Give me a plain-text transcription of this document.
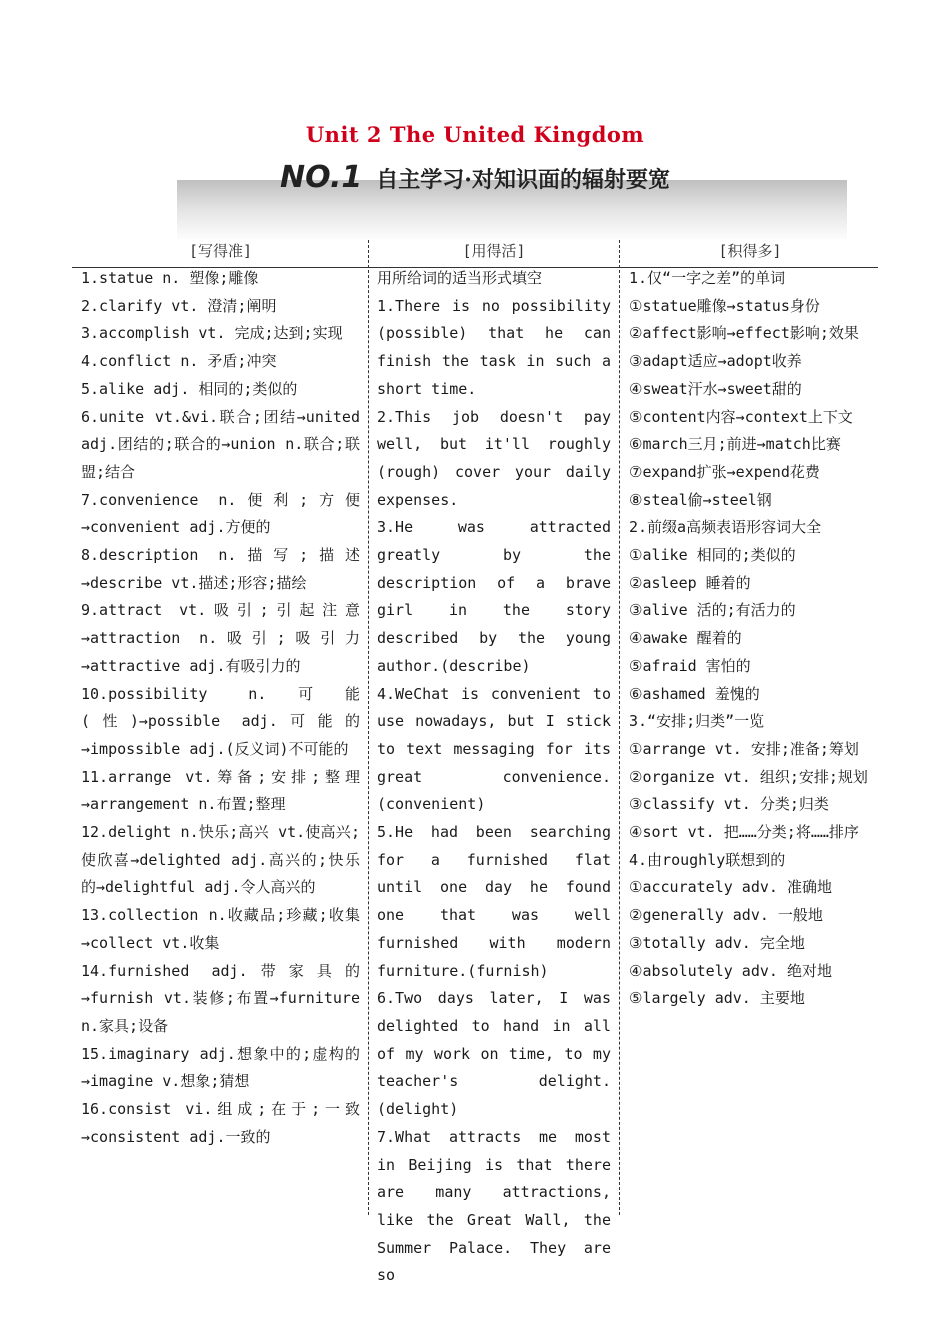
Unit 2 The United Kingdom
NO.1 自主学习·对知识面的辐射要宽
[写得准]	[用得活]	[积得多]
1.statue n. 塑像;雕像
2.clarify vt. 澄清;阐明
3.accomplish vt. 完成;达到;实现
4.conflict n. 矛盾;冲突
5.alike adj. 相同的;类似的
6.unite vt.&vi.联合;团结→united adj.团结的;联合的→union n.联合;联盟;结合
7.convenience n.便利;方便→convenient adj.方便的
8.description n.描写;描述→describe vt.描述;形容;描绘
9.attract vt.吸引;引起注意→attraction n.吸引;吸引力→attractive adj.有吸引力的
10.possibility n.可能(性)→possible adj.可能的→impossible adj.(反义词)不可能的
11.arrange vt.筹备;安排;整理→arrangement n.布置;整理
12.delight n.快乐;高兴 vt.使高兴;使欣喜→delighted adj.高兴的;快乐的→delightful adj.令人高兴的
13.collection n.收藏品;珍藏;收集→collect vt.收集
14.furnished adj.带家具的→furnish vt.装修;布置→furniture n.家具;设备
15.imaginary adj.想象中的;虚构的→imagine v.想象;猜想
16.consist vi.组成;在于;一致→consistent adj.一致的
用所给词的适当形式填空
1.There is no possibility (possible) that he can finish the task in such a short time.
2.This job doesn't pay well, but it'll roughly (rough) cover your daily expenses.
3.He was attracted greatly by the description of a brave girl in the story described by the young author.(describe)
4.WeChat is convenient to use nowadays, but I stick to text messaging for its great convenience.(convenient)
5.He had been searching for a furnished flat until one day he found one that was well furnished with modern furniture.(furnish)
6.Two days later, I was delighted to hand in all of my work on time, to my teacher's delight.(delight)
7.What attracts me most in Beijing is that there are many attractions, like the Great Wall, the Summer Palace. They are so
1.仅“一字之差”的单词
①statue雕像→status身份
②affect影响→effect影响;效果
③adapt适应→adopt收养
④sweat汗水→sweet甜的
⑤content内容→context上下文
⑥march三月;前进→match比赛
⑦expand扩张→expend花费
⑧steal偷→steel钢
2.前缀a高频表语形容词大全
①alike 相同的;类似的
②asleep 睡着的
③alive 活的;有活力的
④awake 醒着的
⑤afraid 害怕的
⑥ashamed 羞愧的
3.“安排;归类”一览
①arrange vt. 安排;准备;筹划
②organize vt. 组织;安排;规划
③classify vt. 分类;归类
④sort vt. 把……分类;将……排序
4.由roughly联想到的
①accurately adv. 准确地
②generally adv. 一般地
③totally adv. 完全地
④absolutely adv. 绝对地
⑤largely adv. 主要地
